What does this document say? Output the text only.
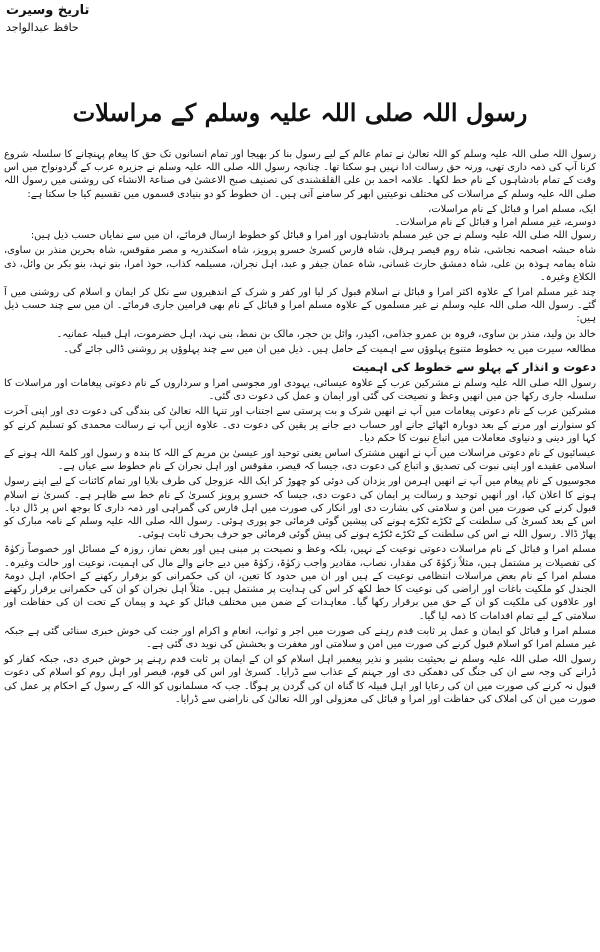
تاریخ وسیرت
حافظ عبدالواجد
رسول اللہ صلی اللہ علیہ وسلم کے مراسلات

رسول اللہ صلی اللہ علیہ وسلم کو اللہ تعالیٰ نے تمام عالم کے لیے رسول بنا کر بھیجا اور تمام انسانوں تک حق کا پیغام پہنچانے کا سلسلہ شروع کرنا آپ کی ذمہ داری تھی، ورنہ حق رسالت ادا نہیں ہو سکتا تھا۔ چنانچہ رسول اللہ صلی اللہ علیہ وسلم نے جزیرہ عرب کے گردونواح میں اس وقت کے تمام بادشاہوں کے نام خط لکھا۔ علامہ احمد بن علی القلقشندی کی تصنیف صبح الاعشیٰ فی صناعۃ الانشاء کی روشنی میں رسول اللہ صلی اللہ علیہ وسلم کے مراسلات کی مختلف نوعیتیں ابھر کر سامنے آتی ہیں۔ ان خطوط کو دو بنیادی قسموں میں تقسیم کیا جا سکتا ہے:

ایک، مسلم امرا و قبائل کے نام مراسلات،
دوسرے، غیر مسلم امرا و قبائل کے نام مراسلات۔

رسول اللہ صلی اللہ علیہ وسلم نے جن غیر مسلم بادشاہوں اور امرا و قبائل کو خطوط ارسال فرمائے، ان میں سے نمایاں حسب ذیل ہیں:

شاہ حبشہ اصحمہ نجاشی، شاہ روم قیصر ہرقل، شاہ فارس کسریٰ خسرو پرویز، شاہ اسکندریہ و مصر مقوقس، شاہ بحرین منذر بن ساوی، شاہ یمامہ ہوذہ بن علی، شاہ دمشق حارث غسانی، شاہ عمان جیفر و عبد، اہل نجران، مسیلمہ کذاب، حوذ امرا، بنو نہد، بنو بکر بن وائل، ذی الکلاع وغیرہ۔

چند غیر مسلم امرا کے علاوہ اکثر امرا و قبائل نے اسلام قبول کر لیا اور کفر و شرک کے اندھیروں سے نکل کر ایمان و اسلام کی روشنی میں آ گئے۔ رسول اللہ صلی اللہ علیہ وسلم نے غیر مسلموں کے علاوہ مسلم امرا و قبائل کے نام بھی فرامین جاری فرمائے۔ ان میں سے چند حسب ذیل ہیں:

خالد بن ولید، منذر بن ساوی، فروہ بن عمرو جذامی، اکیدر، وائل بن حجر، مالک بن نمط، بنی نہد، اہل حضرموت، اہل قبیلہ عمانیہ۔

مطالعہ سیرت میں یہ خطوط متنوع پہلوؤں سے اہمیت کے حامل ہیں۔ ذیل میں ان میں سے چند پہلوؤں پر روشنی ڈالی جائے گی۔

دعوت و انذار کے پہلو سے خطوط کی اہمیت

رسول اللہ صلی اللہ علیہ وسلم نے مشرکین عرب کے علاوہ عیسائی، یہودی اور مجوسی امرا و سرداروں کے نام دعوتی پیغامات اور مراسلات کا سلسلہ جاری رکھا جن میں انھیں وعظ و نصیحت کی گئی اور ایمان و عمل کی دعوت دی گئی۔

مشرکین عرب کے نام دعوتی پیغامات میں آپ نے انھیں شرک و بت پرستی سے اجتناب اور تنہا اللہ تعالیٰ کی بندگی کی دعوت دی اور اپنی آخرت کو سنوارنے اور مرنے کے بعد دوبارہ اٹھائے جانے اور حساب دیے جانے پر یقین کی دعوت دی۔ علاوہ ازیں آپ نے رسالت محمدی کو تسلیم کرنے کو کہا اور دینی و دنیاوی معاملات میں اتباع نبوت کا حکم دیا۔

عیسائیوں کے نام دعوتی مراسلات میں آپ نے انھیں مشترک اساس یعنی توحید اور عیسیٰ بن مریم کے اللہ کا بندہ و رسول اور کلمۃ اللہ ہونے کے اسلامی عقیدے اور اپنی نبوت کی تصدیق و اتباع کی دعوت دی، جیسا کہ قیصر، مقوقس اور اہل نجران کے نام خطوط سے عیاں ہے۔

مجوسیوں کے نام پیغام میں آپ نے انھیں اہرمن اور یزدان کی دوئی کو چھوڑ کر ایک اللہ عزوجل کی طرف بلایا اور تمام کائنات کے لیے اپنے رسول ہونے کا اعلان کیا، اور انھیں توحید و رسالت پر ایمان کی دعوت دی، جیسا کہ خسرو پرویز کسریٰ کے نام خط سے ظاہر ہے۔ کسریٰ نے اسلام قبول کرنے کی صورت میں امن و سلامتی کی بشارت دی اور انکار کی صورت میں اہل فارس کی گمراہی اور ذمہ داری کا بوجھ اس پر ڈال دیا۔ اس کے بعد کسریٰ کی سلطنت کے ٹکڑے ٹکڑے ہونے کی پیشین گوئی فرمائی جو پوری ہوئی۔ رسول اللہ صلی اللہ علیہ وسلم کے نامہ مبارک کو پھاڑ ڈالا۔ رسول اللہ نے اس کی سلطنت کے ٹکڑے ٹکڑے ہونے کی پیش گوئی فرمائی جو حرف بحرف ثابت ہوئی۔

مسلم امرا و قبائل کے نام مراسلات دعوتی نوعیت کے نہیں، بلکہ وعظ و نصیحت پر مبنی ہیں اور بعض نماز، روزہ کے مسائل اور خصوصاً زکوٰۃ کی تفصیلات پر مشتمل ہیں، مثلاً زکوٰۃ کی مقدار، نصاب، مقادیر واجب زکوٰۃ، زکوٰۃ میں دیے جانے والے مال کی اہمیت، نوعیت اور حالت وغیرہ۔ مسلم امرا کے نام بعض مراسلات انتظامی نوعیت کے ہیں اور ان میں حدود کا تعین، ان کی حکمرانی کو برقرار رکھنے کے احکام، اہل دومۃ الجندل کو ملکیت باغات اور اراضی کی نوعیت کا خط لکھ کر اس کی ہدایت پر مشتمل ہیں۔ مثلاً اہل نجران کو ان کی حکمرانی برقرار رکھنے اور علاقوں کی ملکیت کو ان کے حق میں برقرار رکھا گیا۔ معاہدات کے ضمن میں مختلف قبائل کو عہد و پیمان کے تحت ان کی حفاظت اور سلامتی کے لیے تمام اقدامات کا ذمہ لیا گیا۔

مسلم امرا و قبائل کو ایمان و عمل پر ثابت قدم رہنے کی صورت میں اجر و ثواب، انعام و اکرام اور جنت کی خوش خبری سنائی گئی ہے جبکہ غیر مسلم امرا کو اسلام قبول کرنے کی صورت میں امن و سلامتی اور مغفرت و بخشش کی نوید دی گئی ہے۔

رسول اللہ صلی اللہ علیہ وسلم نے بحیثیت بشیر و نذیر پیغمبر اہل اسلام کو ان کے ایمان پر ثابت قدم رہنے پر خوش خبری دی، جبکہ کفار کو ڈرانے کی وجہ سے ان کی جنگ کی دھمکی دی اور جہنم کے عذاب سے ڈرایا۔ کسریٰ اور اس کی قوم، قیصر اور اہل روم کو اسلام کی دعوت قبول نہ کرنے کی صورت میں ان کی رعایا اور اہل قبیلہ کا گناہ ان کی گردن پر ہوگا۔ جب کہ مسلمانوں کو اللہ کے رسول کے احکام پر عمل کی صورت میں ان کی املاک کی حفاظت اور امرا و قبائل کی معزولی اور اللہ تعالیٰ کی ناراضی سے ڈرایا۔
